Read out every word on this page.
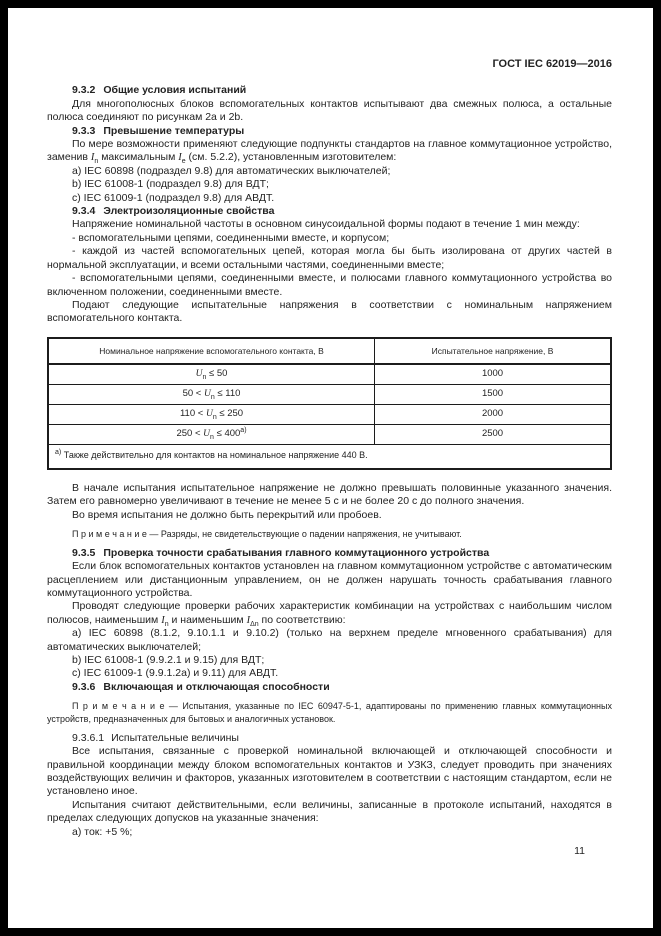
ГОСТ IEC 62019—2016

9.3.2 Общие условия испытаний

Для многополюсных блоков вспомогательных контактов испытывают два смежных полюса, а остальные полюса соединяют по рисункам 2a и 2b.

9.3.3 Превышение температуры

По мере возможности применяют следующие подпункты стандартов на главное коммутационное устройство, заменив $I_n$ максимальным $I_e$ (см. 5.2.2), установленным изготовителем:

a) IEC 60898 (подраздел 9.8) для автоматических выключателей;

b) IEC 61008-1 (подраздел 9.8) для ВДТ;

c) IEC 61009-1 (подраздел 9.8) для АВДТ.

9.3.4 Электроизоляционные свойства

Напряжение номинальной частоты в основном синусоидальной формы подают в течение 1 мин между:

- вспомогательными цепями, соединенными вместе, и корпусом;

- каждой из частей вспомогательных цепей, которая могла бы быть изолирована от других частей в нормальной эксплуатации, и всеми остальными частями, соединенными вместе;

- вспомогательными цепями, соединенными вместе, и полюсами главного коммутационного устройства во включенном положении, соединенными вместе.

Подают следующие испытательные напряжения в соответствии с номинальным напряжением вспомогательного контакта.

Номинальное напряжение вспомогательного контакта, В	Испытательное напряжение, В
$U_n \le 50$	1000
$50 < U_n \le 110$	1500
$110 < U_n \le 250$	2000
$250 < U_n \le 400^{a)}$	2500
$^{a)}$ Также действительно для контактов на номинальное напряжение 440 В.	

В начале испытания испытательное напряжение не должно превышать половинные указанного значения. Затем его равномерно увеличивают в течение не менее 5 с и не более 20 с до полного значения.

Во время испытания не должно быть перекрытий или пробоев.

П р и м е ч а н и е — Разряды, не свидетельствующие о падении напряжения, не учитывают.

9.3.5 Проверка точности срабатывания главного коммутационного устройства

Если блок вспомогательных контактов установлен на главном коммутационном устройстве с автоматическим расцеплением или дистанционным управлением, он не должен нарушать точность срабатывания главного коммутационного устройства.

Проводят следующие проверки рабочих характеристик комбинации на устройствах с наибольшим числом полюсов, наименьшим $I_n$ и наименьшим $I_{\Delta n}$ по соответствию:

a) IEC 60898 (8.1.2, 9.10.1.1 и 9.10.2) (только на верхнем пределе мгновенного срабатывания) для автоматических выключателей;

b) IEC 61008-1 (9.9.2.1 и 9.15) для ВДТ;

c) IEC 61009-1 (9.9.1.2a) и 9.11) для АВДТ.

9.3.6 Включающая и отключающая способности

П р и м е ч а н и е — Испытания, указанные по IEC 60947-5-1, адаптированы по применению главных коммутационных устройств, предназначенных для бытовых и аналогичных установок.

9.3.6.1 Испытательные величины

Все испытания, связанные с проверкой номинальной включающей и отключающей способности и правильной координации между блоком вспомогательных контактов и УЗКЗ, следует проводить при значениях воздействующих величин и факторов, указанных изготовителем в соответствии с настоящим стандартом, если не установлено иное.

Испытания считают действительными, если величины, записанные в протоколе испытаний, находятся в пределах следующих допусков на указанные значения:

a) ток: +5 %;

11
